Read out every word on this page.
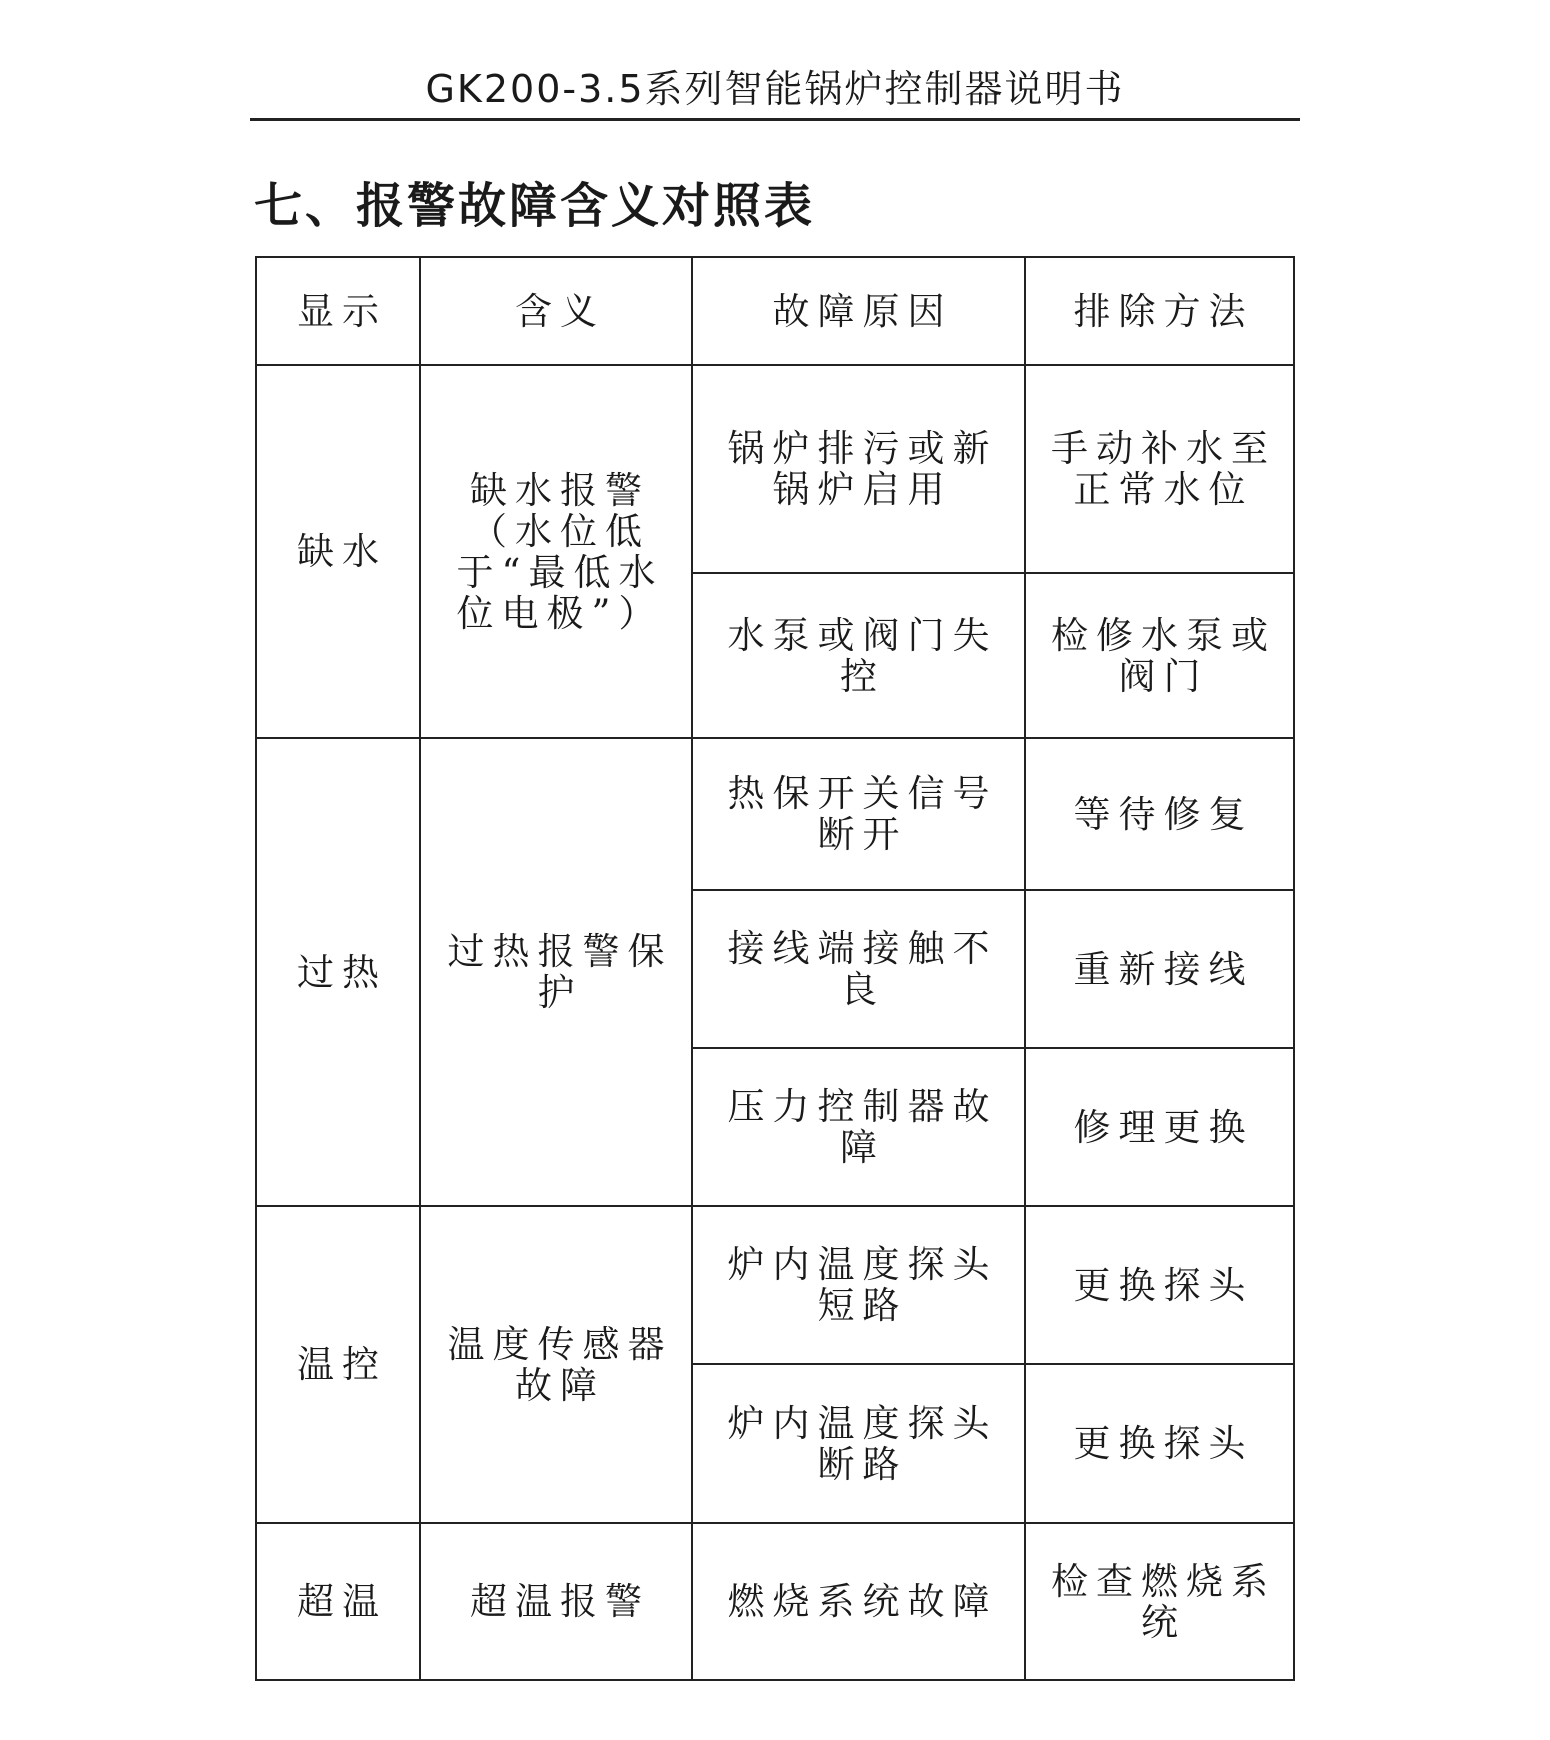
GK200-3.5系列智能锅炉控制器说明书
七、报警故障含义对照表
显示	含义	故障原因	排除方法
缺水	缺水报警（水位低于“最低水位电极”）	锅炉排污或新锅炉启用	手动补水至正常水位
		水泵或阀门失控	检修水泵或阀门
过热	过热报警保护	热保开关信号断开	等待修复
		接线端接触不良	重新接线
		压力控制器故障	修理更换
温控	温度传感器故障	炉内温度探头短路	更换探头
		炉内温度探头断路	更换探头
超温	超温报警	燃烧系统故障	检查燃烧系统
